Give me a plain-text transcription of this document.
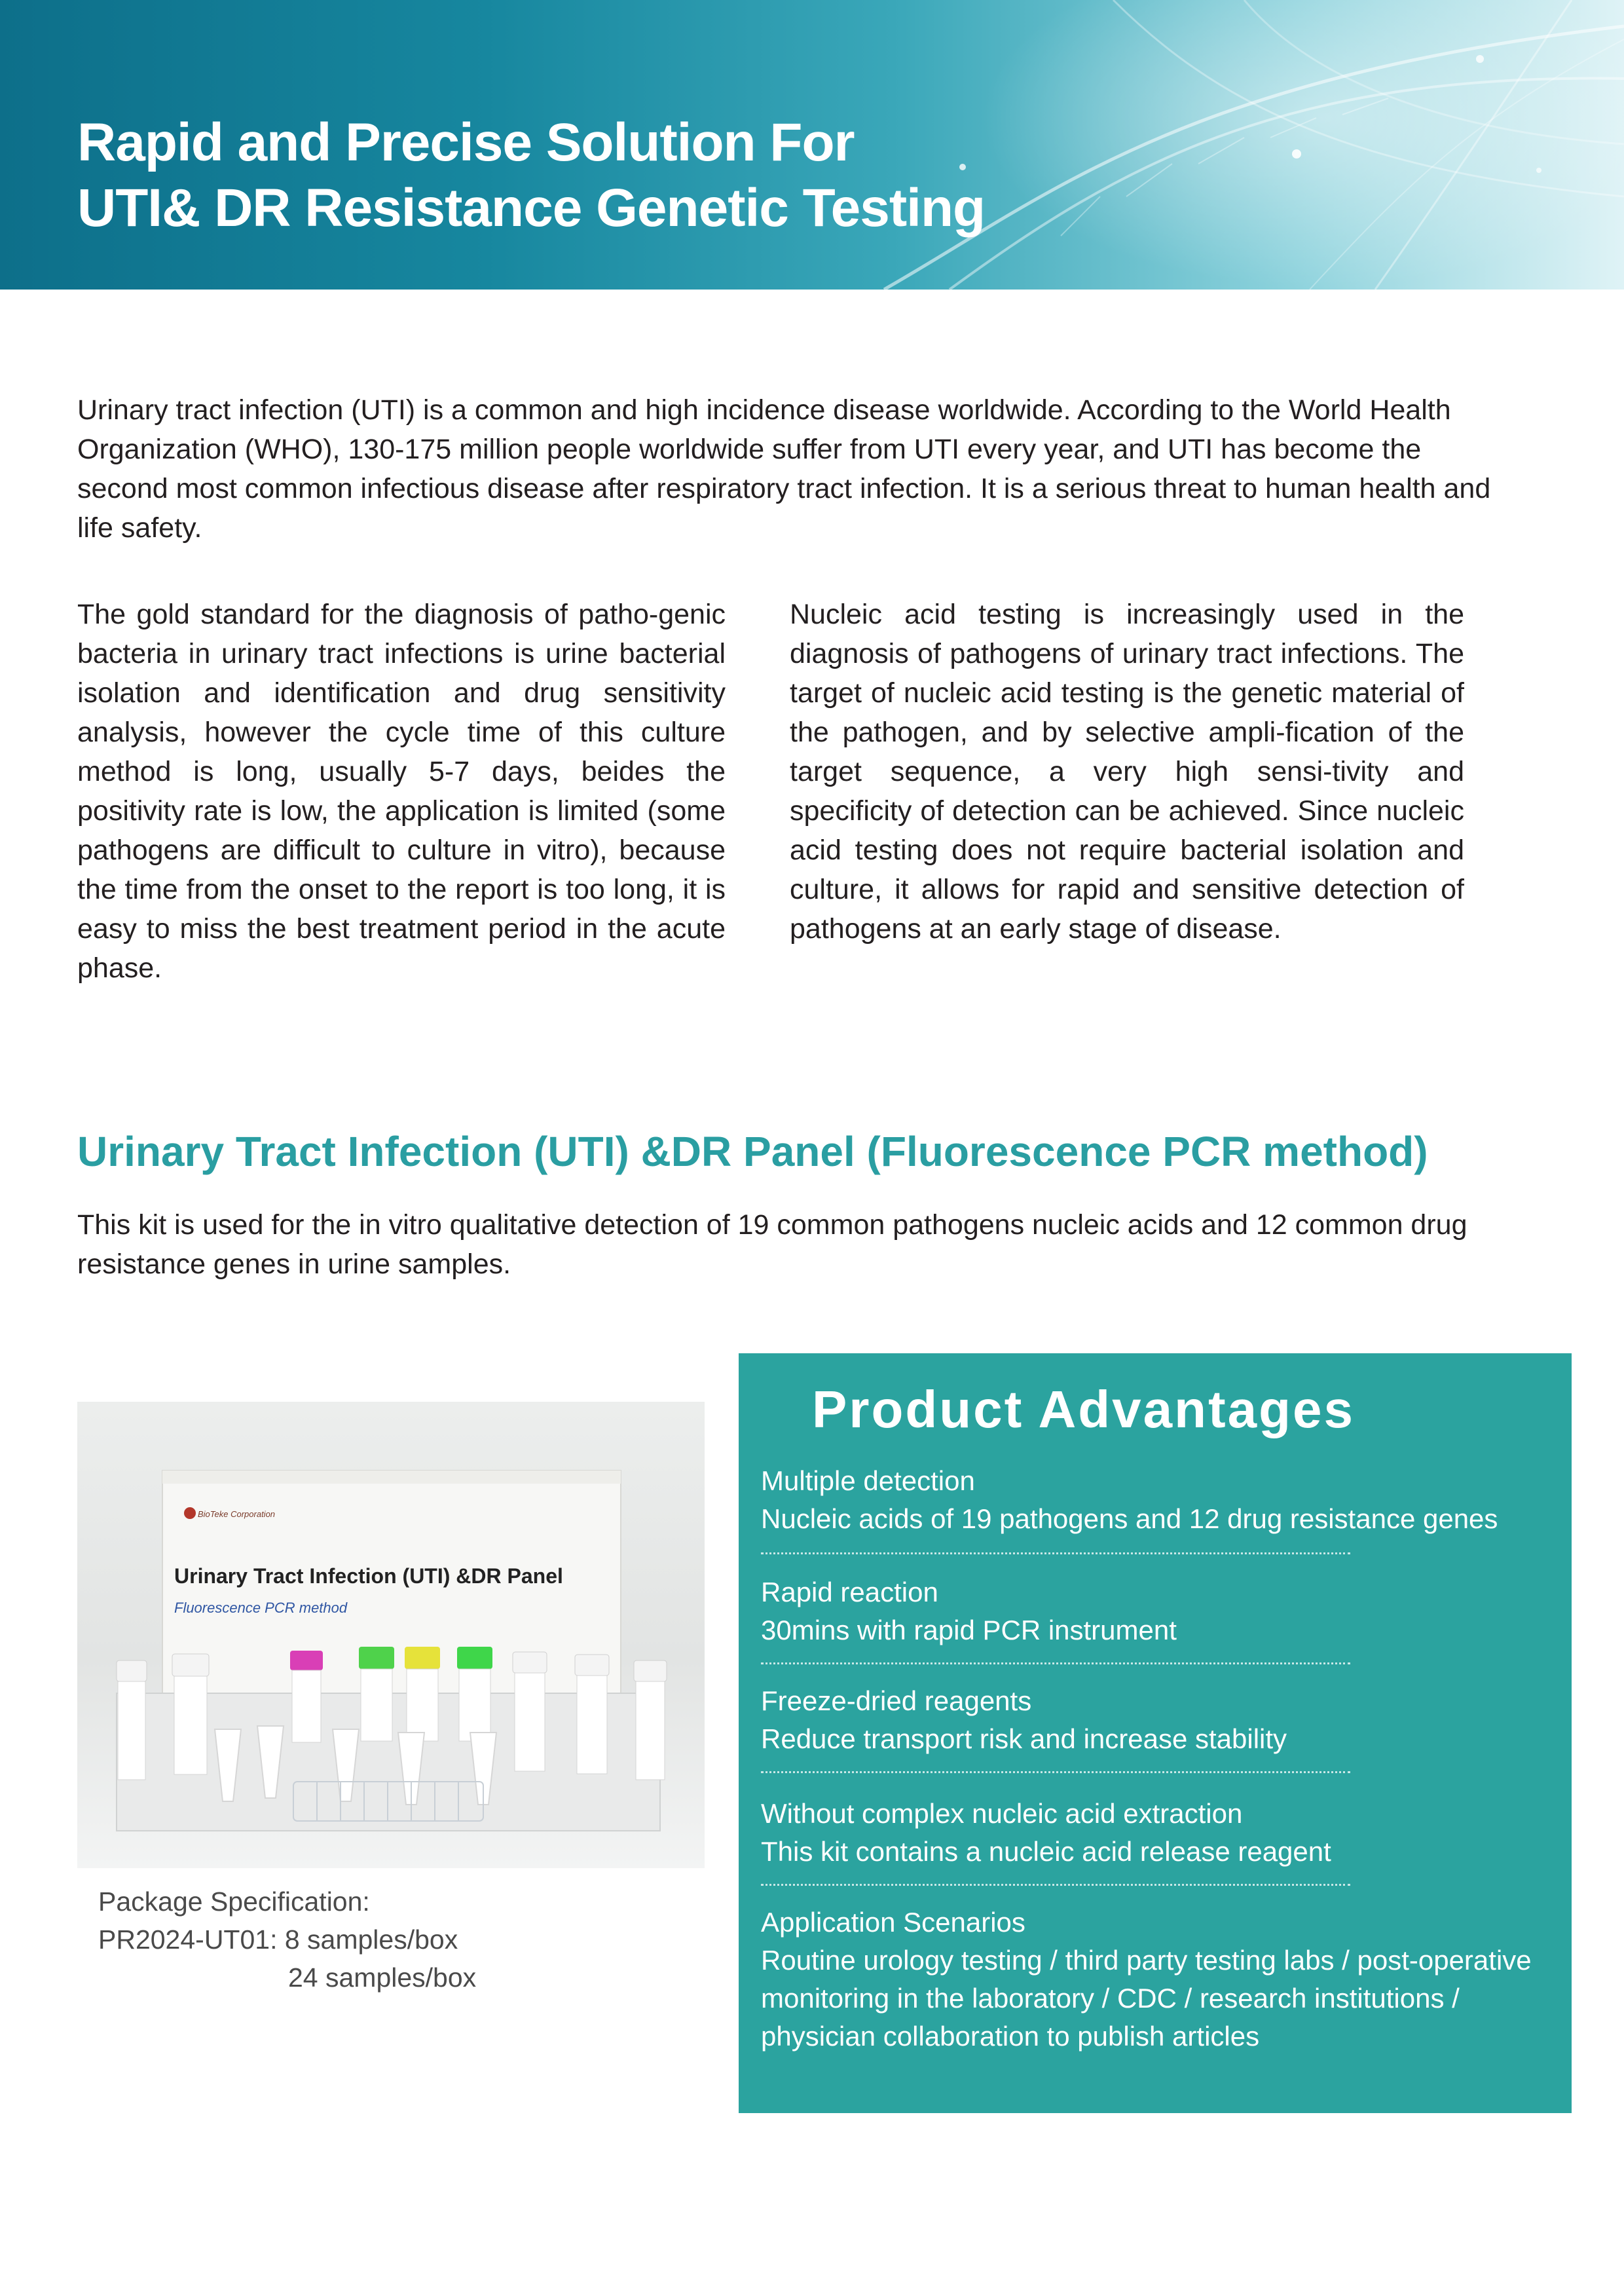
Rapid and Precise Solution For
UTI& DR Resistance Genetic Testing

Urinary tract infection (UTI) is a common and high incidence disease worldwide. According to the World Health Organization (WHO), 130-175 million people worldwide suffer from UTI every year, and UTI has become the second most common infectious disease after respiratory tract infection. It is a serious threat to human health and life safety.

The gold standard for the diagnosis of patho-genic bacteria in urinary tract infections is urine bacterial isolation and identification and drug sensitivity analysis, however the cycle time of this culture method is long, usually 5-7 days, beides the positivity rate is low, the application is limited (some pathogens are difficult to culture in vitro), because the time from the onset to the report is too long, it is easy to miss the best treatment period in the acute phase.

Nucleic acid testing is increasingly used in the diagnosis of pathogens of urinary tract infections. The target of nucleic acid testing is the genetic material of the pathogen, and by selective ampli-fication of the target sequence, a very high sensi-tivity and specificity of detection can be achieved. Since nucleic acid testing does not require bacterial isolation and culture, it allows for rapid and sensitive detection of pathogens at an early stage of disease.

Urinary Tract Infection (UTI) &DR Panel (Fluorescence PCR method)

This kit is used for the in vitro qualitative detection of 19 common pathogens nucleic acids and 12 common drug resistance genes in urine samples.

BioTeke Corporation

Urinary Tract Infection (UTI) &DR Panel

Fluorescence PCR method

Package Specification:
PR2024-UT01: 8 samples/box
24 samples/box
Product Advantages
Multiple detection
Nucleic acids of 19 pathogens and 12 drug resistance genes
Rapid reaction
30mins with rapid PCR instrument
Freeze-dried reagents
Reduce transport risk and increase stability
Without complex nucleic acid extraction
This kit contains a nucleic acid release reagent
Application Scenarios
Routine urology testing / third party testing labs / post-operative monitoring in the laboratory / CDC / research institutions / physician collaboration to publish articles
